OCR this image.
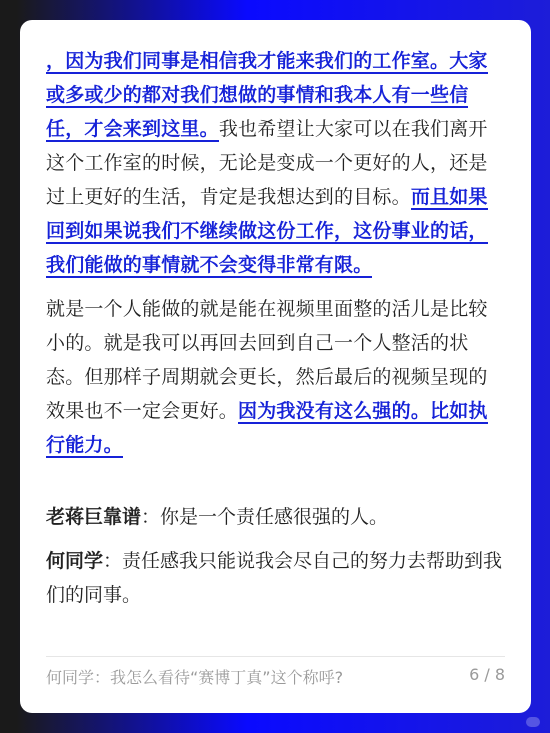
，因为我们同事是相信我才能来我们的工作室。大家或多或少的都对我们想做的事情和我本人有一些信任，才会来到这里。我也希望让大家可以在我们离开这个工作室的时候，无论是变成一个更好的人，还是过上更好的生活，肯定是我想达到的目标。而且如果回到如果说我们不继续做这份工作，这份事业的话，我们能做的事情就不会变得非常有限。

就是一个人能做的就是能在视频里面整的活儿是比较小的。就是我可以再回去回到自己一个人整活的状态。但那样子周期就会更长，然后最后的视频呈现的效果也不一定会更好。因为我没有这么强的。比如执行能力。

老蒋巨靠谱：你是一个责任感很强的人。

何同学：责任感我只能说我会尽自己的努力去帮助到我们的同事。

何同学：我怎么看待“赛博丁真”这个称呼?	6 / 8
